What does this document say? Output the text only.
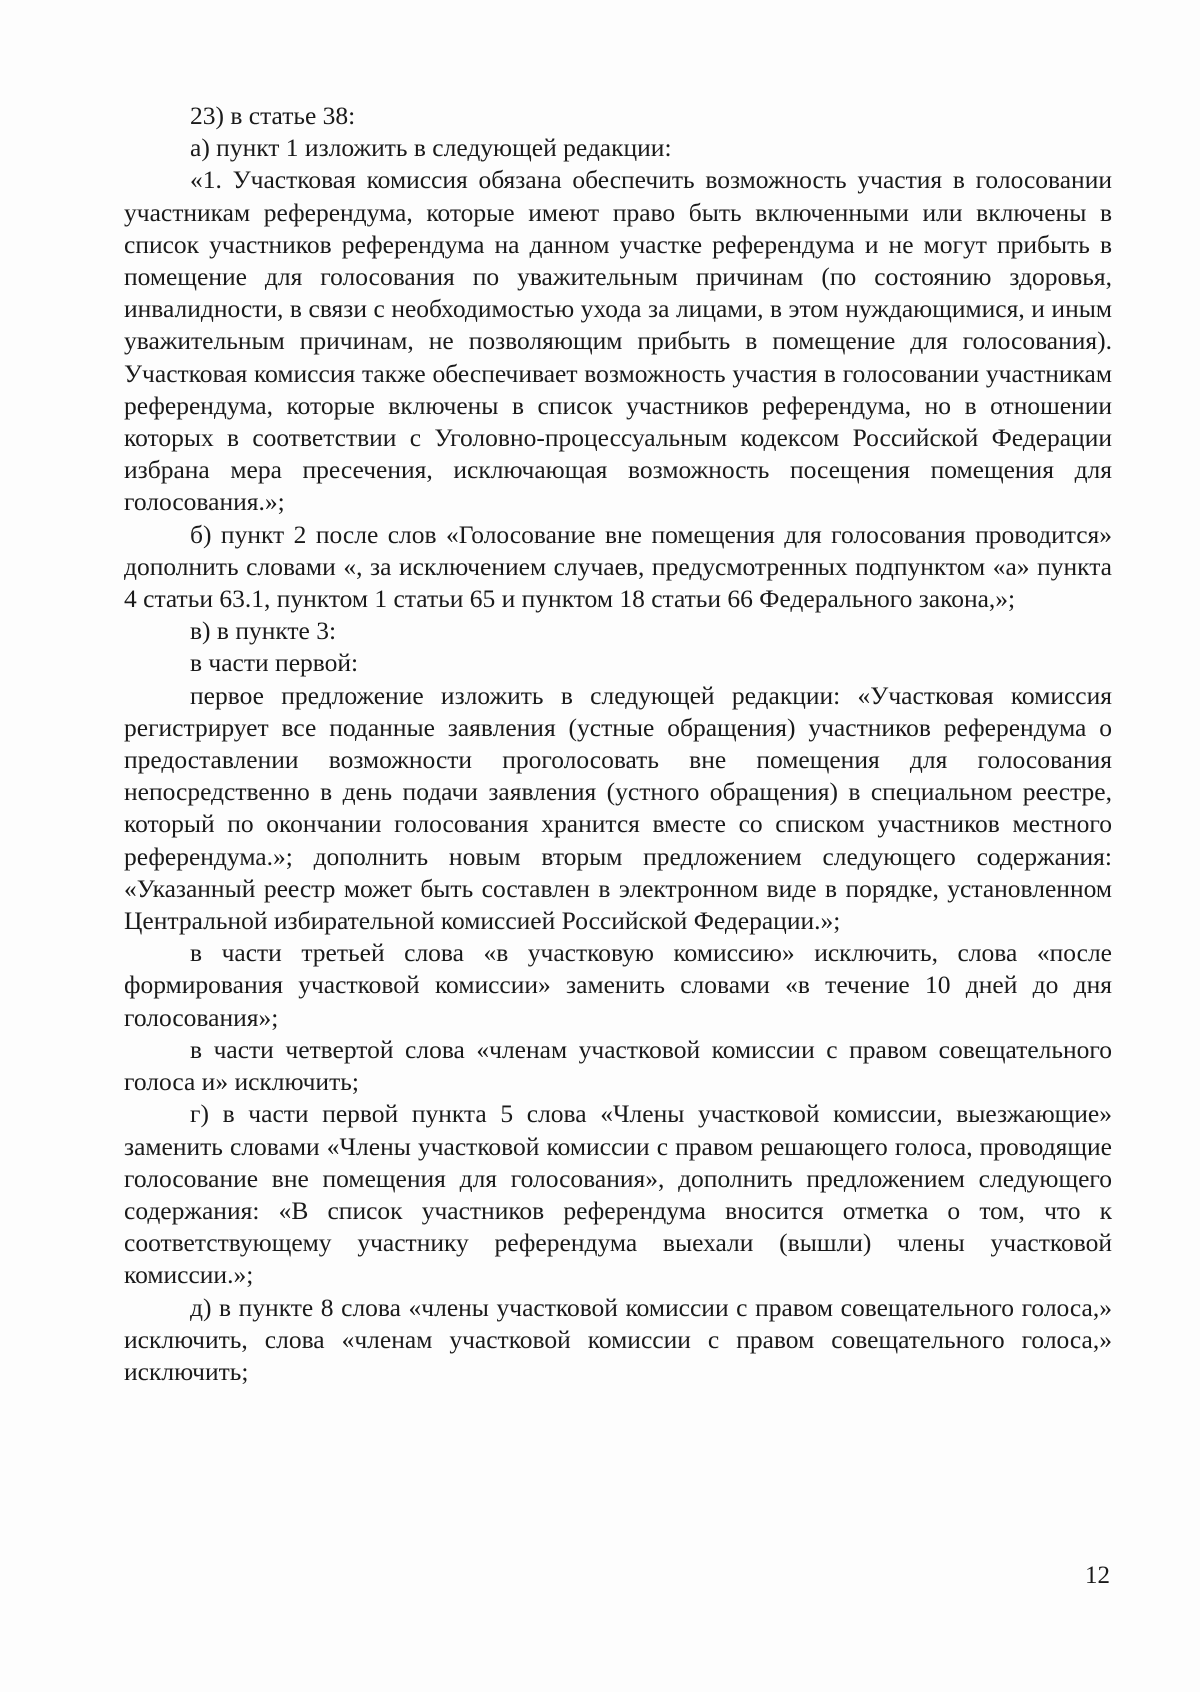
23) в статье 38:

а) пункт 1 изложить в следующей редакции:

«1. Участковая комиссия обязана обеспечить возможность участия в голосовании участникам референдума, которые имеют право быть включенными или включены в список участников референдума на данном участке референдума и не могут прибыть в помещение для голосования по уважительным причинам (по состоянию здоровья, инвалидности, в связи с необходимостью ухода за лицами, в этом нуждающимися, и иным уважительным причинам, не позволяющим прибыть в помещение для голосования). Участковая комиссия также обеспечивает возможность участия в голосовании участникам референдума, которые включены в список участников референдума, но в отношении которых в соответствии с Уголовно-процессуальным кодексом Российской Федерации избрана мера пресечения, исключающая возможность посещения помещения для голосования.»;

б) пункт 2 после слов «Голосование вне помещения для голосования проводится» дополнить словами «, за исключением случаев, предусмотренных подпунктом «а» пункта 4 статьи 63.1, пунктом 1 статьи 65 и пунктом 18 статьи 66 Федерального закона,»;

в) в пункте 3:

в части первой:

первое предложение изложить в следующей редакции: «Участковая комиссия регистрирует все поданные заявления (устные обращения) участников референдума о предоставлении возможности проголосовать вне помещения для голосования непосредственно в день подачи заявления (устного обращения) в специальном реестре, который по окончании голосования хранится вместе со списком участников местного референдума.»; дополнить новым вторым предложением следующего содержания: «Указанный реестр может быть составлен в электронном виде в порядке, установленном Центральной избирательной комиссией Российской Федерации.»;

в части третьей слова «в участковую комиссию» исключить, слова «после формирования участковой комиссии» заменить словами «в течение 10 дней до дня голосования»;

в части четвертой слова «членам участковой комиссии с правом совещательного голоса и» исключить;

г) в части первой пункта 5 слова «Члены участковой комиссии, выезжающие» заменить словами «Члены участковой комиссии с правом решающего голоса, проводящие голосование вне помещения для голосования», дополнить предложением следующего содержания: «В список участников референдума вносится отметка о том, что к соответствующему участнику референдума выехали (вышли) члены участковой комиссии.»;

д) в пункте 8 слова «члены участковой комиссии с правом совещательного голоса,» исключить, слова «членам участковой комиссии с правом совещательного голоса,» исключить;

12
